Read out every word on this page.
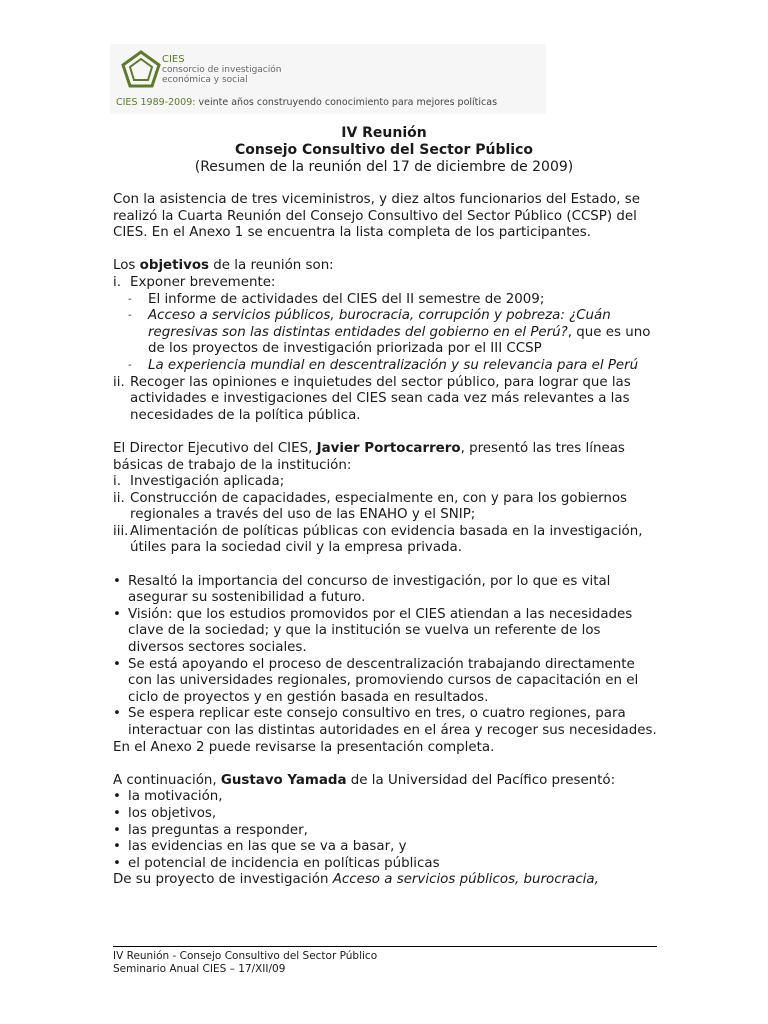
CIES
consorcio de investigación
económica y social
CIES 1989-2009: veinte años construyendo conocimiento para mejores políticas
IV Reunión
Consejo Consultivo del Sector Público
(Resumen de la reunión del 17 de diciembre de 2009)

Con la asistencia de tres viceministros, y diez altos funcionarios del Estado, se realizó la Cuarta Reunión del Consejo Consultivo del Sector Público (CCSP) del CIES. En el Anexo 1 se encuentra la lista completa de los participantes.

Los objetivos de la reunión son:

i. Exponer brevemente:
-	El informe de actividades del CIES del II semestre de 2009;
-	Acceso a servicios públicos, burocracia, corrupción y pobreza: ¿Cuán regresivas son las distintas entidades del gobierno en el Perú?, que es uno de los proyectos de investigación priorizada por el III CCSP
-	La experiencia mundial en descentralización y su relevancia para el Perú
ii. Recoger las opiniones e inquietudes del sector público, para lograr que las actividades e investigaciones del CIES sean cada vez más relevantes a las necesidades de la política pública.

El Director Ejecutivo del CIES, Javier Portocarrero, presentó las tres líneas básicas de trabajo de la institución:

i. Investigación aplicada;
ii. Construcción de capacidades, especialmente en, con y para los gobiernos regionales a través del uso de las ENAHO y el SNIP;
iii. Alimentación de políticas públicas con evidencia basada en la investigación, útiles para la sociedad civil y la empresa privada.
• Resaltó la importancia del concurso de investigación, por lo que es vital asegurar su sostenibilidad a futuro.
• Visión: que los estudios promovidos por el CIES atiendan a las necesidades clave de la sociedad; y que la institución se vuelva un referente de los diversos sectores sociales.
• Se está apoyando el proceso de descentralización trabajando directamente con las universidades regionales, promoviendo cursos de capacitación en el ciclo de proyectos y en gestión basada en resultados.
• Se espera replicar este consejo consultivo en tres, o cuatro regiones, para interactuar con las distintas autoridades en el área y recoger sus necesidades.

En el Anexo 2 puede revisarse la presentación completa.

A continuación, Gustavo Yamada de la Universidad del Pacífico presentó:

• la motivación,
• los objetivos,
• las preguntas a responder,
• las evidencias en las que se va a basar, y
• el potencial de incidencia en políticas públicas

De su proyecto de investigación Acceso a servicios públicos, burocracia,

IV Reunión - Consejo Consultivo del Sector Público
Seminario Anual CIES – 17/XII/09
